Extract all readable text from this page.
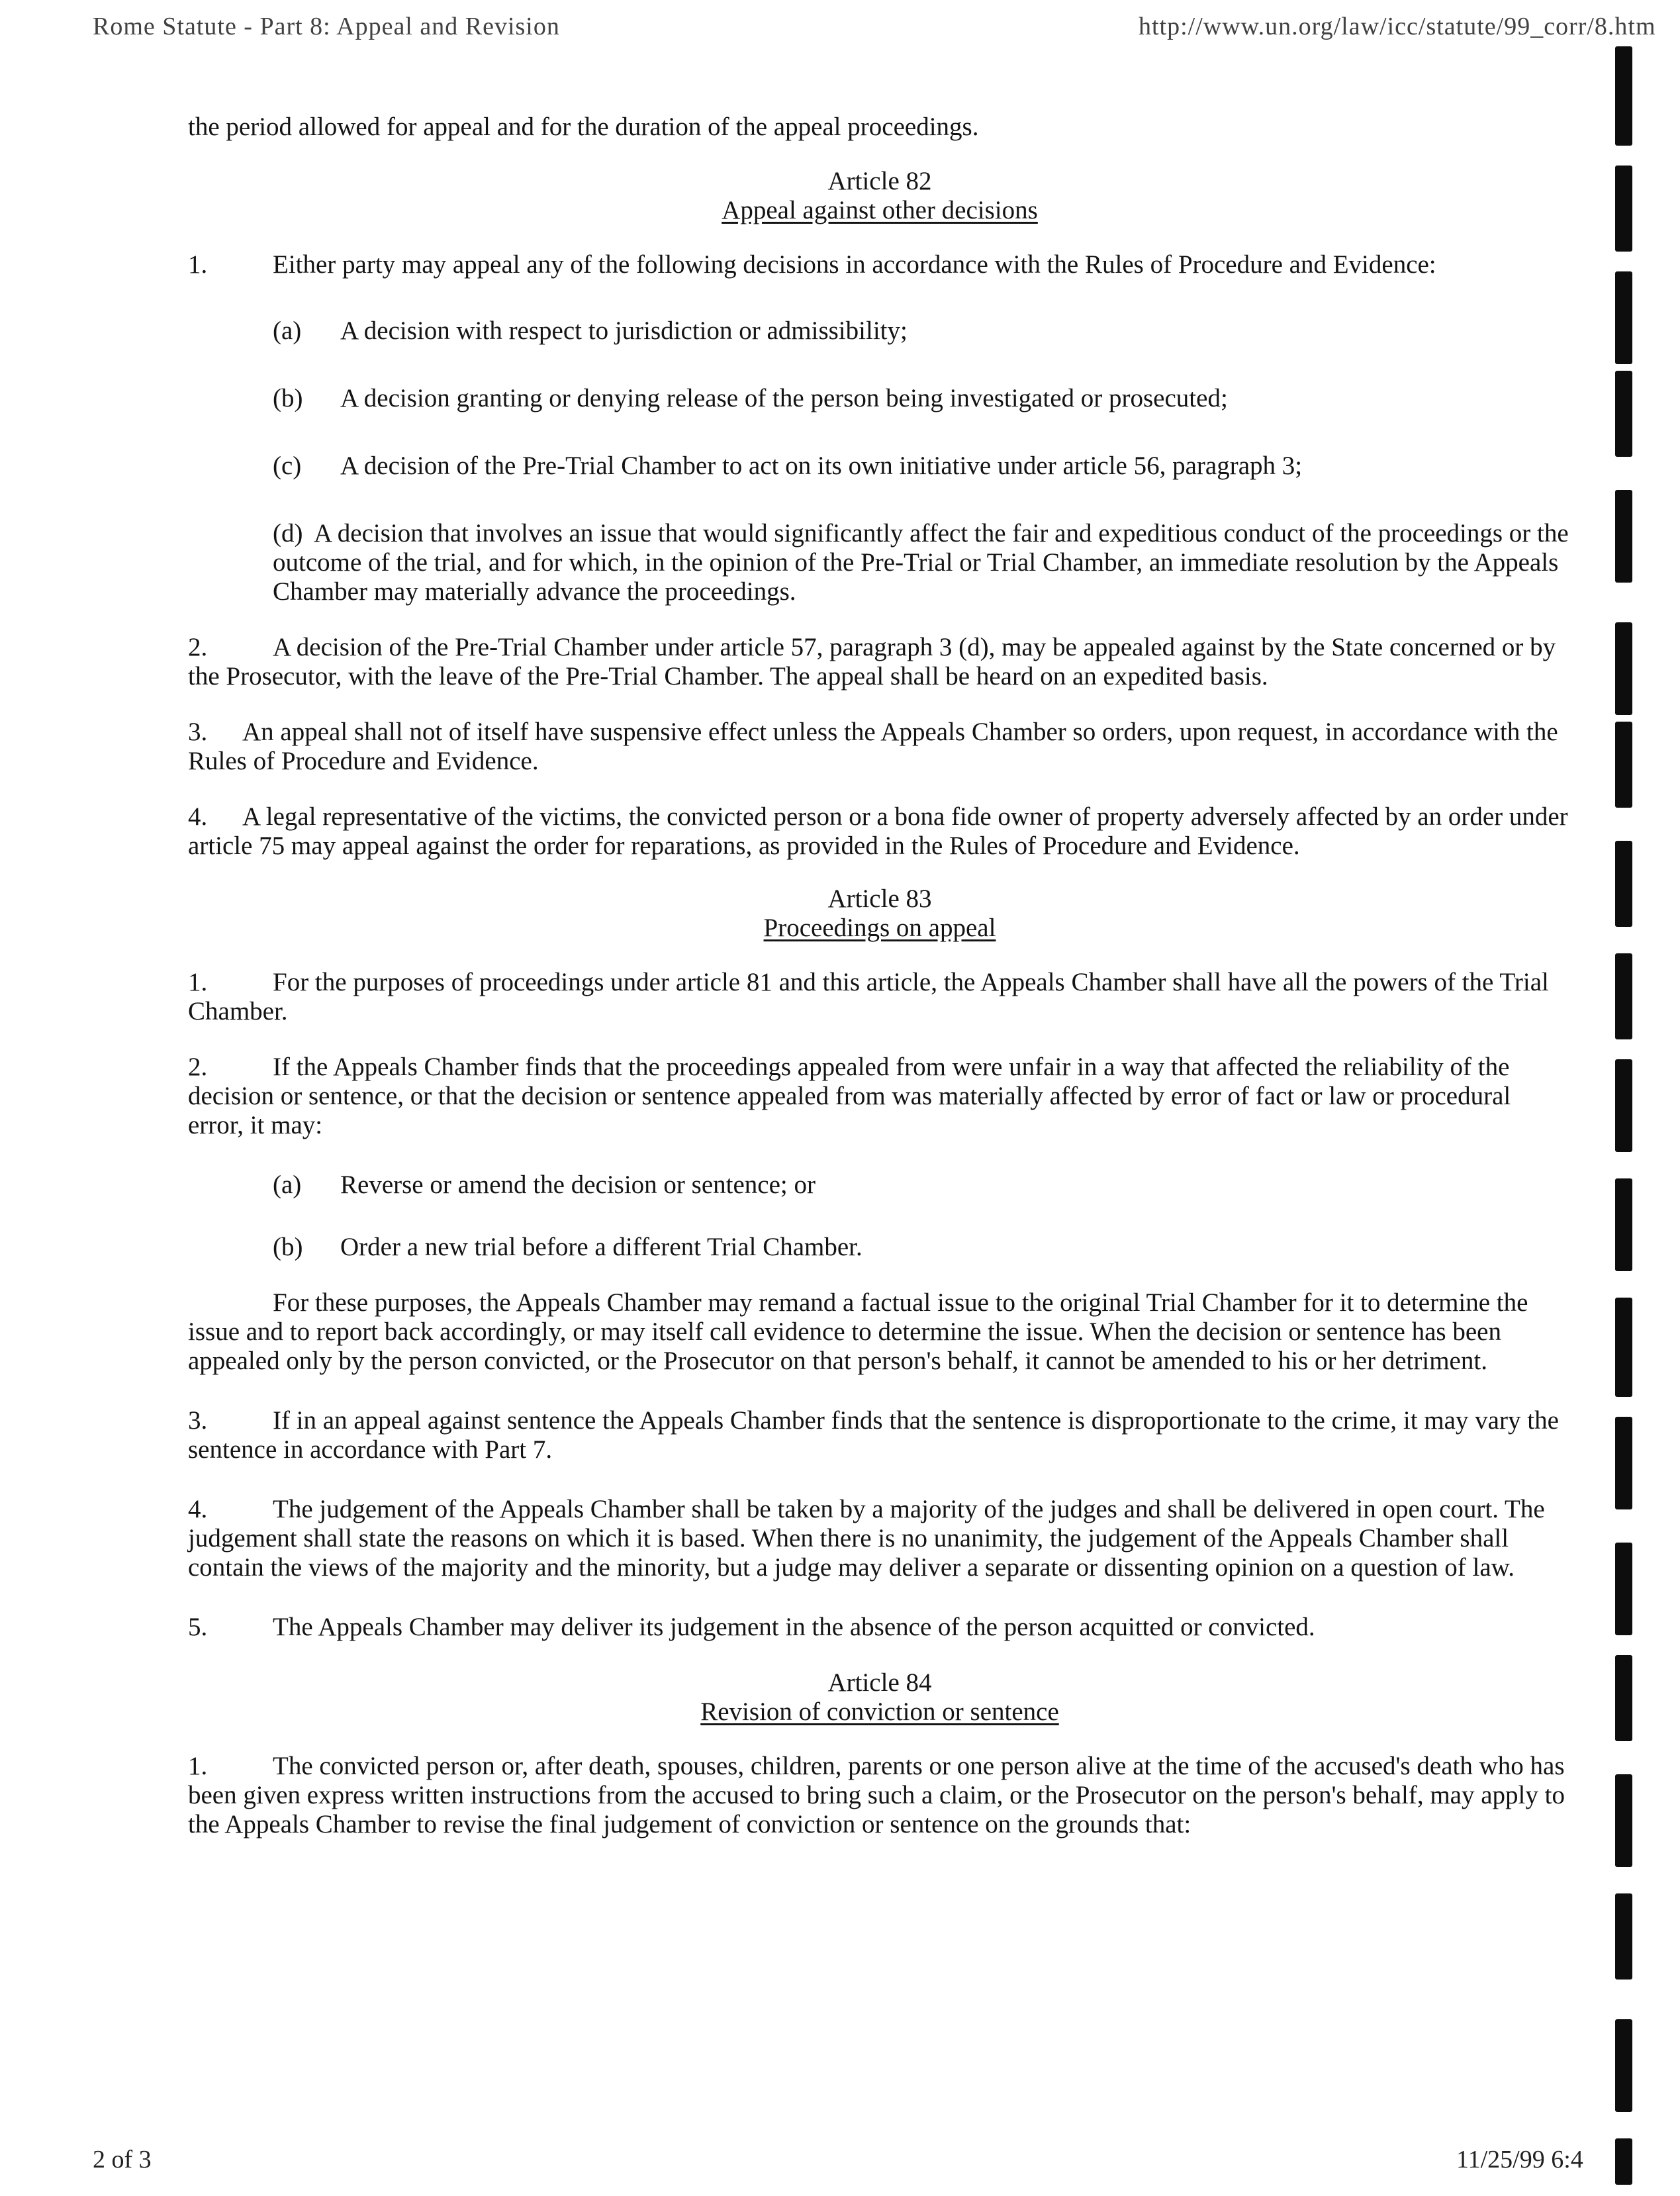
Rome Statute - Part 8: Appeal and Revision	http://www.un.org/law/icc/statute/99_corr/8.htm

the period allowed for appeal and for the duration of the appeal proceedings.

Article 82
Appeal against other decisions

1.	Either party may appeal any of the following decisions in accordance with the Rules of Procedure and Evidence:

(a) A decision with respect to jurisdiction or admissibility;

(b) A decision granting or denying release of the person being investigated or prosecuted;

(c) A decision of the Pre-Trial Chamber to act on its own initiative under article 56, paragraph 3;

(d) A decision that involves an issue that would significantly affect the fair and expeditious conduct of the proceedings or the outcome of the trial, and for which, in the opinion of the Pre-Trial or Trial Chamber, an immediate resolution by the Appeals Chamber may materially advance the proceedings.

2.	A decision of the Pre-Trial Chamber under article 57, paragraph 3 (d), may be appealed against by the State concerned or by the Prosecutor, with the leave of the Pre-Trial Chamber. The appeal shall be heard on an expedited basis.

3. An appeal shall not of itself have suspensive effect unless the Appeals Chamber so orders, upon request, in accordance with the Rules of Procedure and Evidence.

4. A legal representative of the victims, the convicted person or a bona fide owner of property adversely affected by an order under article 75 may appeal against the order for reparations, as provided in the Rules of Procedure and Evidence.

Article 83
Proceedings on appeal

1.	For the purposes of proceedings under article 81 and this article, the Appeals Chamber shall have all the powers of the Trial Chamber.

2.	If the Appeals Chamber finds that the proceedings appealed from were unfair in a way that affected the reliability of the decision or sentence, or that the decision or sentence appealed from was materially affected by error of fact or law or procedural error, it may:

(a) Reverse or amend the decision or sentence; or

(b) Order a new trial before a different Trial Chamber.

For these purposes, the Appeals Chamber may remand a factual issue to the original Trial Chamber for it to determine the issue and to report back accordingly, or may itself call evidence to determine the issue. When the decision or sentence has been appealed only by the person convicted, or the Prosecutor on that person's behalf, it cannot be amended to his or her detriment.

3.	If in an appeal against sentence the Appeals Chamber finds that the sentence is disproportionate to the crime, it may vary the sentence in accordance with Part 7.

4.	The judgement of the Appeals Chamber shall be taken by a majority of the judges and shall be delivered in open court. The judgement shall state the reasons on which it is based. When there is no unanimity, the judgement of the Appeals Chamber shall contain the views of the majority and the minority, but a judge may deliver a separate or dissenting opinion on a question of law.

5.	The Appeals Chamber may deliver its judgement in the absence of the person acquitted or convicted.

Article 84
Revision of conviction or sentence

1.	The convicted person or, after death, spouses, children, parents or one person alive at the time of the accused's death who has been given express written instructions from the accused to bring such a claim, or the Prosecutor on the person's behalf, may apply to the Appeals Chamber to revise the final judgement of conviction or sentence on the grounds that:

2 of 3	11/25/99 6:4
